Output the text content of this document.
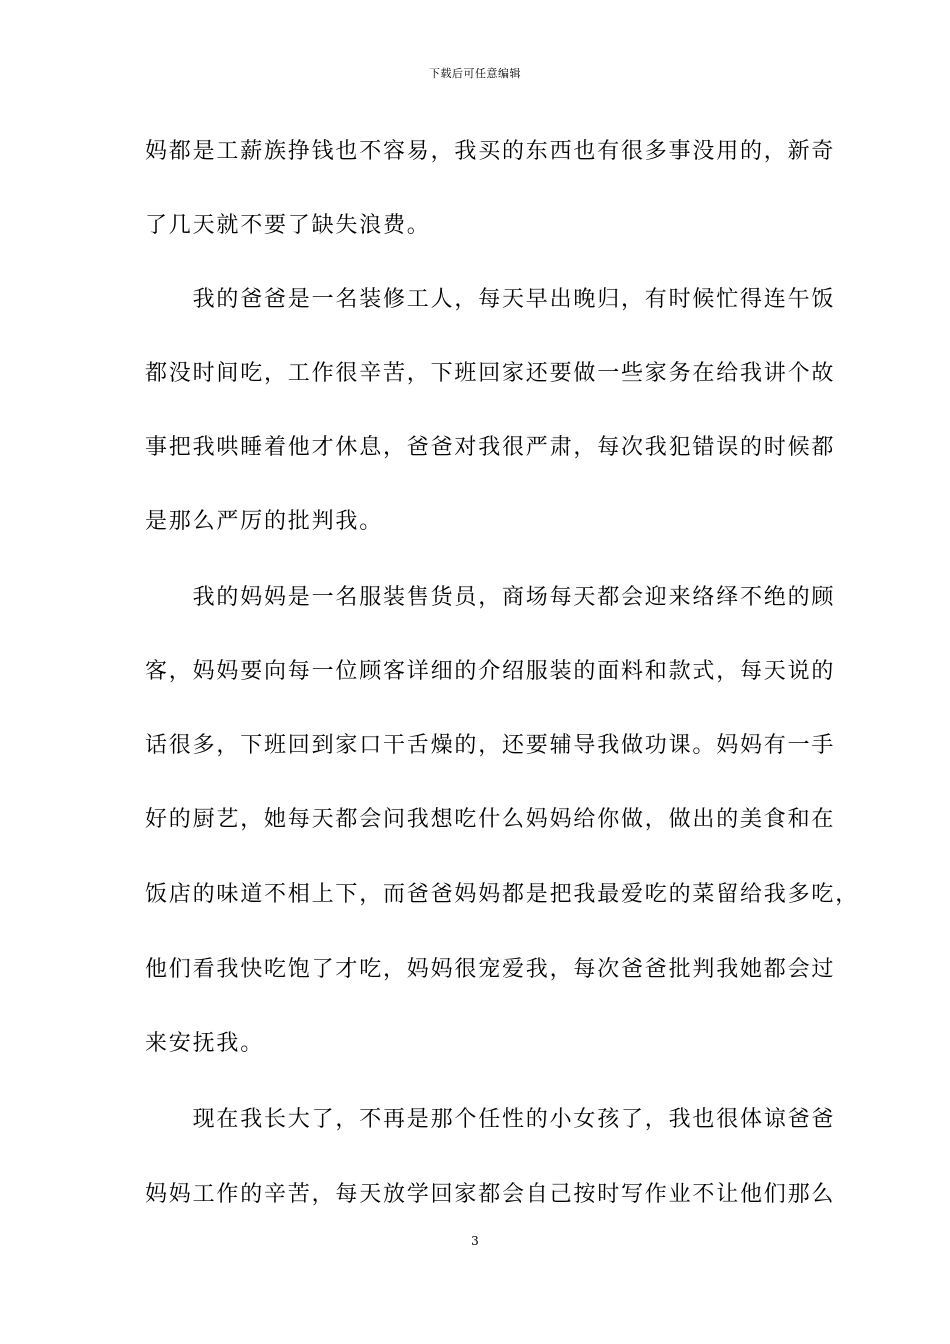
下载后可任意编辑
妈都是工薪族挣钱也不容易，我买的东西也有很多事没用的，新奇
了几天就不要了缺失浪费。
　　我的爸爸是一名装修工人，每天早出晚归，有时候忙得连午饭
都没时间吃，工作很辛苦，下班回家还要做一些家务在给我讲个故
事把我哄睡着他才休息，爸爸对我很严肃，每次我犯错误的时候都
是那么严厉的批判我。
　　我的妈妈是一名服装售货员，商场每天都会迎来络绎不绝的顾
客，妈妈要向每一位顾客详细的介绍服装的面料和款式，每天说的
话很多，下班回到家口干舌燥的，还要辅导我做功课。妈妈有一手
好的厨艺，她每天都会问我想吃什么妈妈给你做，做出的美食和在
饭店的味道不相上下，而爸爸妈妈都是把我最爱吃的菜留给我多吃，
他们看我快吃饱了才吃，妈妈很宠爱我，每次爸爸批判我她都会过
来安抚我。
　　现在我长大了，不再是那个任性的小女孩了，我也很体谅爸爸
妈妈工作的辛苦，每天放学回家都会自己按时写作业不让他们那么
3
